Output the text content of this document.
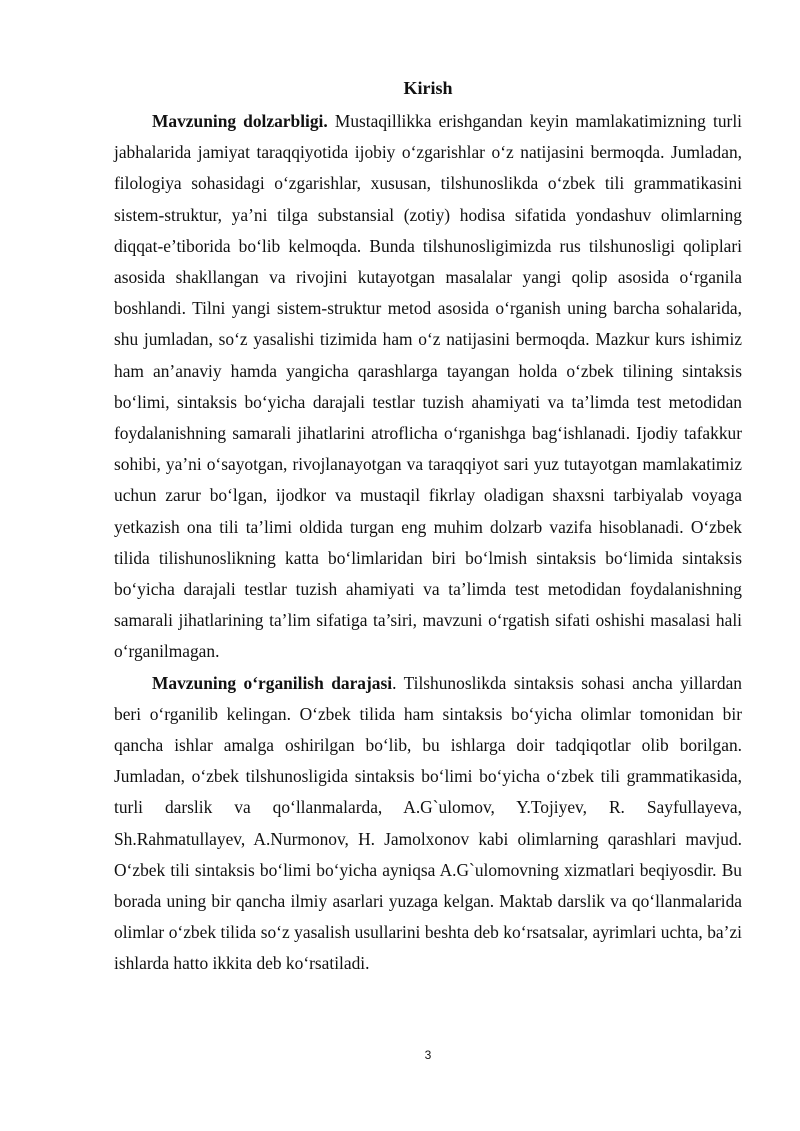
Kirish

Mavzuning dolzarbligi. Mustaqillikka erishgandan keyin mamlakatimizning turli jabhalarida jamiyat taraqqiyotida ijobiy oʻzgarishlar oʻz natijasini bermoqda. Jumladan, filologiya sohasidagi oʻzgarishlar, xususan, tilshunoslikda oʻzbek tili grammatikasini sistem-struktur, ya’ni tilga substansial (zotiy) hodisa sifatida yondashuv olimlarning diqqat-e’tiborida boʻlib kelmoqda. Bunda tilshunosligimizda rus tilshunosligi qoliplari asosida shakllangan va rivojini kutayotgan masalalar yangi qolip asosida oʻrganila boshlandi. Tilni yangi sistem-struktur metod asosida oʻrganish uning barcha sohalarida, shu jumladan, soʻz yasalishi tizimida ham oʻz natijasini bermoqda. Mazkur kurs ishimiz ham an’anaviy hamda yangicha qarashlarga tayangan holda oʻzbek tilining sintaksis boʻlimi, sintaksis boʻyicha darajali testlar tuzish ahamiyati va ta’limda test metodidan foydalanishning samarali jihatlarini atroflicha oʻrganishga bagʻishlanadi. Ijodiy tafakkur sohibi, ya’ni oʻsayotgan, rivojlanayotgan va taraqqiyot sari yuz tutayotgan mamlakatimiz uchun zarur boʻlgan, ijodkor va mustaqil fikrlay oladigan shaxsni tarbiyalab voyaga yetkazish ona tili ta’limi oldida turgan eng muhim dolzarb vazifa hisoblanadi. Oʻzbek tilida tilishunoslikning katta boʻlimlaridan biri boʻlmish sintaksis boʻlimida sintaksis boʻyicha darajali testlar tuzish ahamiyati va ta’limda test metodidan foydalanishning samarali jihatlarining ta’lim sifatiga ta’siri, mavzuni oʻrgatish sifati oshishi masalasi hali oʻrganilmagan.

Mavzuning oʻrganilish darajasi. Tilshunoslikda sintaksis sohasi ancha yillardan beri oʻrganilib kelingan. Oʻzbek tilida ham sintaksis boʻyicha olimlar tomonidan bir qancha ishlar amalga oshirilgan boʻlib, bu ishlarga doir tadqiqotlar olib borilgan. Jumladan, oʻzbek tilshunosligida sintaksis boʻlimi boʻyicha oʻzbek tili grammatikasida, turli darslik va qoʻllanmalarda, A.G`ulomov, Y.Tojiyev, R. Sayfullayeva, Sh.Rahmatullayev, A.Nurmonov, H. Jamolxonov kabi olimlarning qarashlari mavjud. Oʻzbek tili sintaksis boʻlimi boʻyicha ayniqsa A.G`ulomovning xizmatlari beqiyosdir. Bu borada uning bir qancha ilmiy asarlari yuzaga kelgan. Maktab darslik va qoʻllanmalarida olimlar oʻzbek tilida soʻz yasalish usullarini beshta deb koʻrsatsalar, ayrimlari uchta, ba’zi ishlarda hatto ikkita deb koʻrsatiladi.

3
